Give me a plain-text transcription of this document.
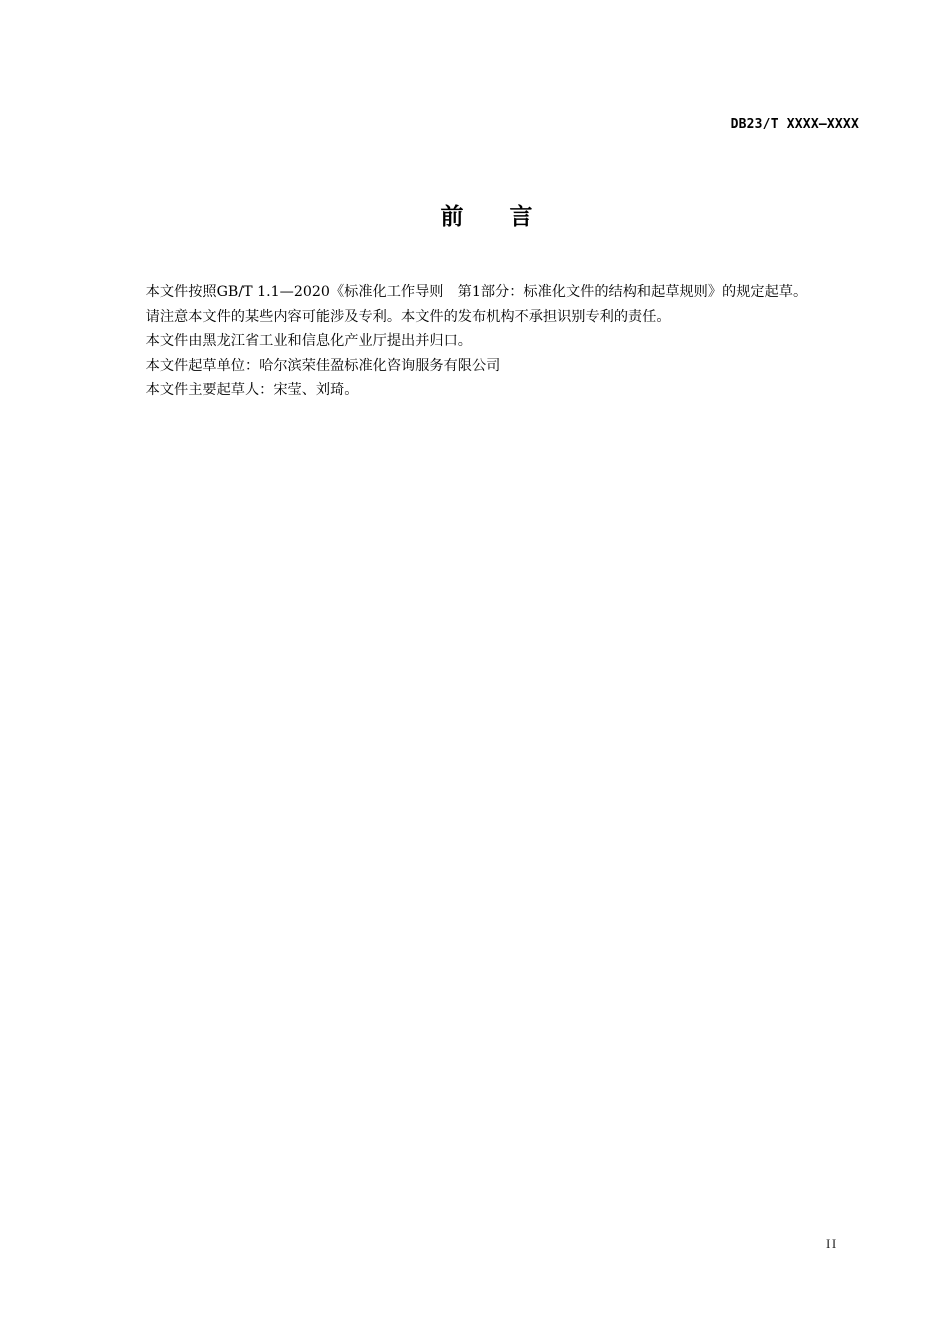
DB23/T XXXX—XXXX
前　　言

本文件按照GB/T 1.1—2020《标准化工作导则　第1部分：标准化文件的结构和起草规则》的规定起草。

请注意本文件的某些内容可能涉及专利。本文件的发布机构不承担识别专利的责任。

本文件由黑龙江省工业和信息化产业厅提出并归口。

本文件起草单位：哈尔滨荣佳盈标准化咨询服务有限公司

本文件主要起草人：宋莹、刘琦。

II
